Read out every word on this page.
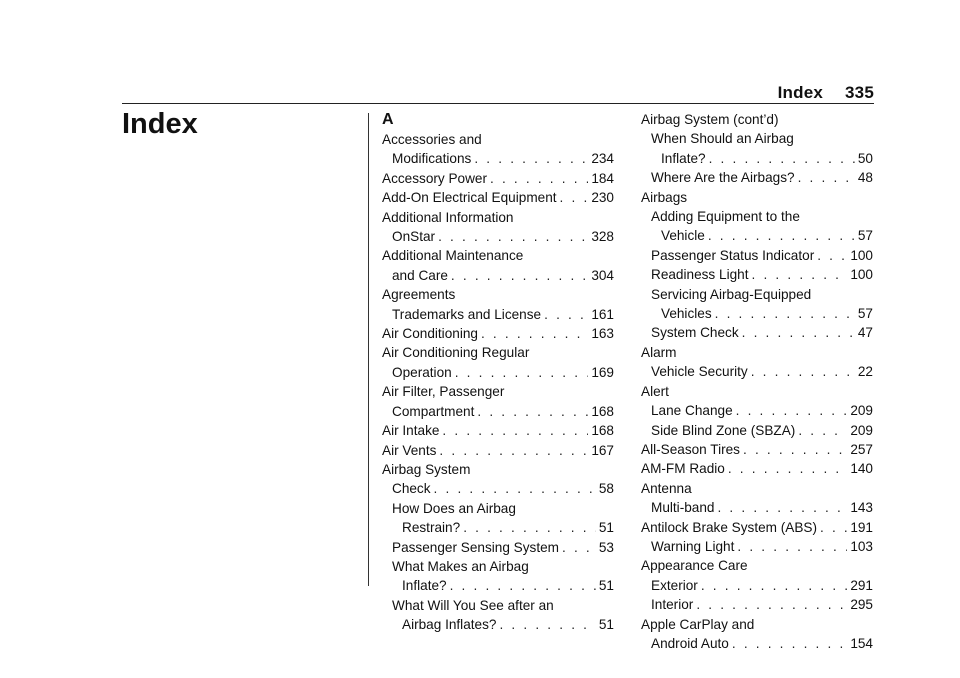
Index 335
Index	A
Accessories and
Modifications . . .	234
Accessory Power . . .	184
Add-On Electrical Equipment . . .	230
Additional Information
OnStar . . .	328
Additional Maintenance
and Care . . .	304
Agreements
Trademarks and License . . .	161
Air Conditioning . . .	163
Air Conditioning Regular
Operation . . .	169
Air Filter, Passenger
Compartment . . .	168
Air Intake . . .	168
Air Vents . . .	167
Airbag System
Check . . .	58
How Does an Airbag
Restrain? . . .	51
Passenger Sensing System . . .	53
What Makes an Airbag
Inflate? . . .	51
What Will You See after an
Airbag Inflates? . . .	51
Airbag System (cont’d)
When Should an Airbag
Inflate? . . .	50
Where Are the Airbags? . . .	48
Airbags
Adding Equipment to the
Vehicle . . .	57
Passenger Status Indicator . . .	100
Readiness Light . . .	100
Servicing Airbag-Equipped
Vehicles . . .	57
System Check . . .	47
Alarm
Vehicle Security . . .	22
Alert
Lane Change . . .	209
Side Blind Zone (SBZA) . . .	209
All-Season Tires . . .	257
AM-FM Radio . . .	140
Antenna
Multi-band . . .	143
Antilock Brake System (ABS) . . . 191
Warning Light . . .	103
Appearance Care
Exterior . . .	291
Interior . . .	295
Apple CarPlay and
Android Auto . . .	154
